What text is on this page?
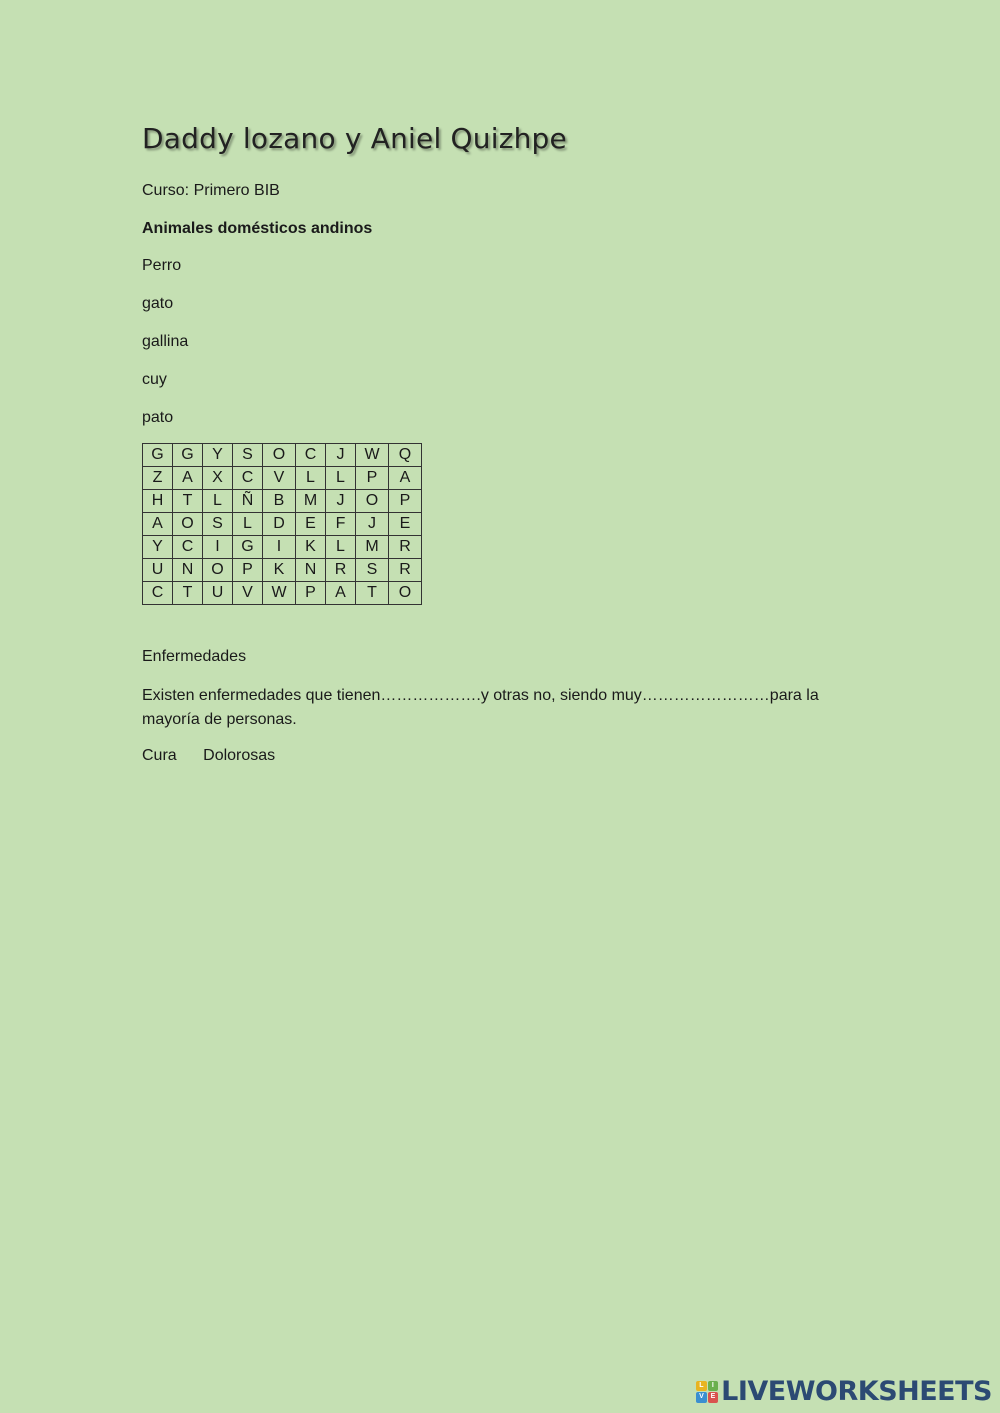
Daddy lozano y Aniel Quizhpe
Curso: Primero BIB
Animales domésticos andinos
Perro
gato
gallina
cuy
pato
G	G	Y	S	O	C	J	W	Q
Z	A	X	C	V	L	L	P	A
H	T	L	Ñ	B	M	J	O	P
A	O	S	L	D	E	F	J	E
Y	C	I	G	I	K	L	M	R
U	N	O	P	K	N	R	S	R
C	T	U	V	W	P	A	T	O
Enfermedades
Existen enfermedades que tienen……………….y otras no, siendo muy……………………para la mayoría de personas.
Cura Dolorosas
L	I
V E LIVEWORKSHEETS
